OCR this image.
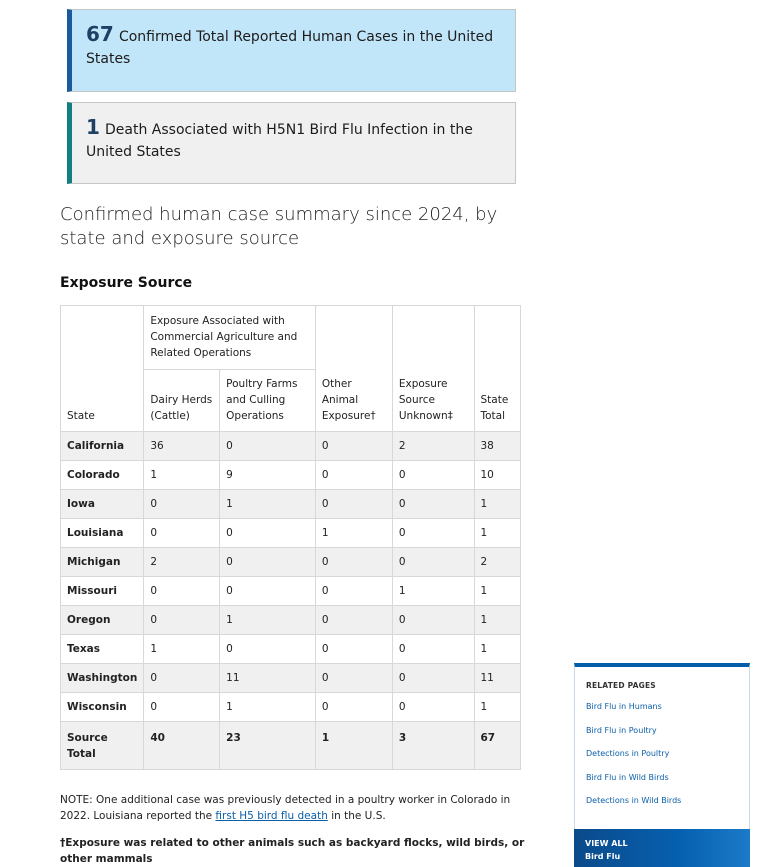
67 Confirmed Total Reported Human Cases in the United States
1 Death Associated with H5N1 Bird Flu Infection in the United States
Confirmed human case summary since 2024, by state and exposure source
Exposure Source
State	Exposure Associated with Commercial Agriculture and Related Operations		Other Animal Exposure†	Exposure Source Unknown‡	State Total
	Dairy Herds (Cattle)	Poultry Farms and Culling Operations			
California	36	0	0	2	38
Colorado	1	9	0	0	10
Iowa	0	1	0	0	1
Louisiana	0	0	1	0	1
Michigan	2	0	0	0	2
Missouri	0	0	0	1	1
Oregon	0	1	0	0	1
Texas	1	0	0	0	1
Washington	0	11	0	0	11
Wisconsin	0	1	0	0	1
Source Total	40	23	1	3	67
NOTE: One additional case was previously detected in a poultry worker in Colorado in 2022. Louisiana reported the first H5 bird flu death in the U.S.
†Exposure was related to other animals such as backyard flocks, wild birds, or other mammals
RELATED PAGES
Bird Flu in Humans
Bird Flu in Poultry
Detections in Poultry
Bird Flu in Wild Birds
Detections in Wild Birds
VIEW ALL
Bird Flu
